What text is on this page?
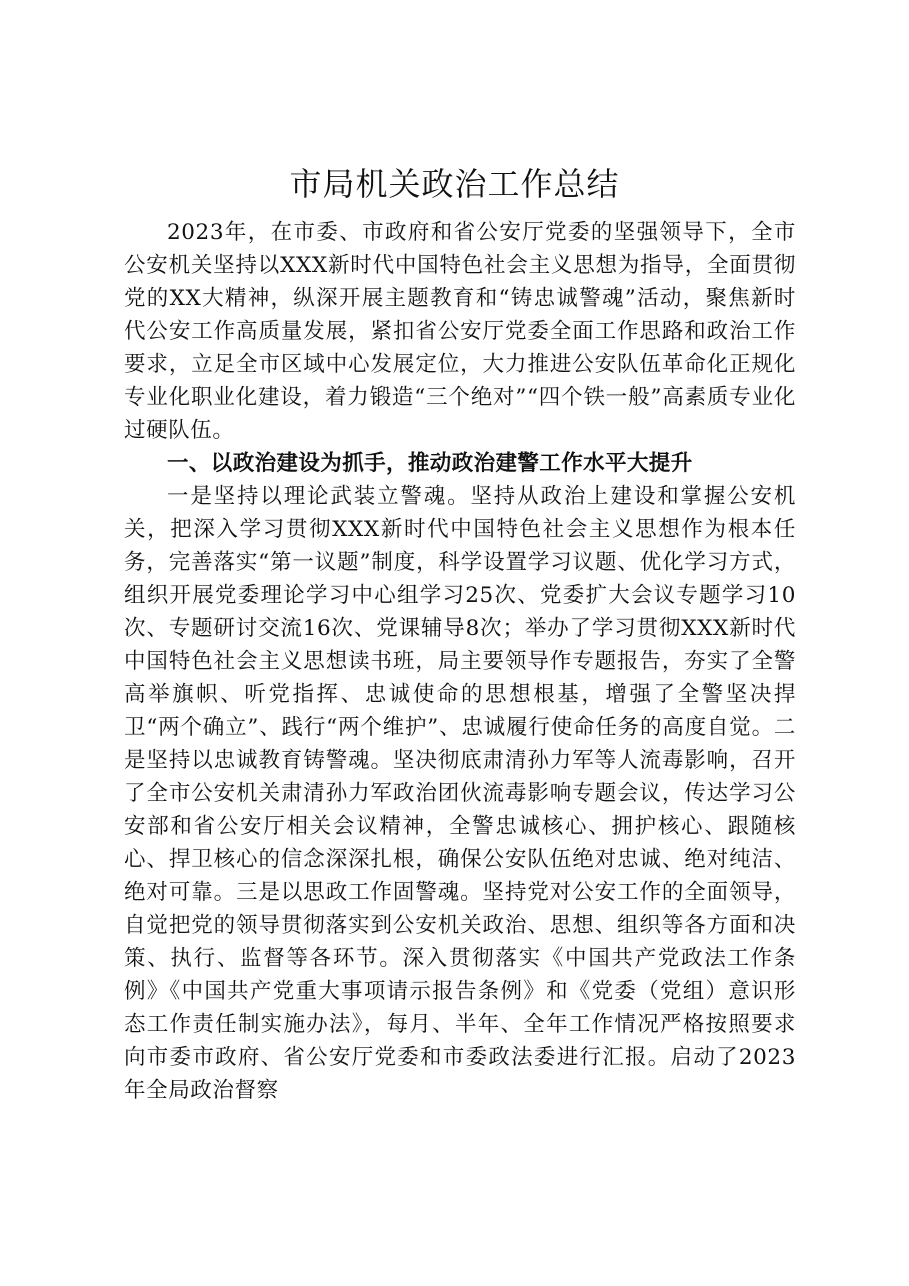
市局机关政治工作总结

2023年，在市委、市政府和省公安厅党委的坚强领导下，全市公安机关坚持以XXX新时代中国特色社会主义思想为指导，全面贯彻党的XX大精神，纵深开展主题教育和“铸忠诚警魂”活动，聚焦新时代公安工作高质量发展，紧扣省公安厅党委全面工作思路和政治工作要求，立足全市区域中心发展定位，大力推进公安队伍革命化正规化专业化职业化建设，着力锻造“三个绝对”“四个铁一般”高素质专业化过硬队伍。

一、以政治建设为抓手，推动政治建警工作水平大提升

一是坚持以理论武装立警魂。坚持从政治上建设和掌握公安机关，把深入学习贯彻XXX新时代中国特色社会主义思想作为根本任务，完善落实“第一议题”制度，科学设置学习议题、优化学习方式，组织开展党委理论学习中心组学习25次、党委扩大会议专题学习10次、专题研讨交流16次、党课辅导8次；举办了学习贯彻XXX新时代中国特色社会主义思想读书班，局主要领导作专题报告，夯实了全警高举旗帜、听党指挥、忠诚使命的思想根基，增强了全警坚决捍卫“两个确立”、践行“两个维护”、忠诚履行使命任务的高度自觉。二是坚持以忠诚教育铸警魂。坚决彻底肃清孙力军等人流毒影响，召开了全市公安机关肃清孙力军政治团伙流毒影响专题会议，传达学习公安部和省公安厅相关会议精神，全警忠诚核心、拥护核心、跟随核心、捍卫核心的信念深深扎根，确保公安队伍绝对忠诚、绝对纯洁、绝对可靠。三是以思政工作固警魂。坚持党对公安工作的全面领导，自觉把党的领导贯彻落实到公安机关政治、思想、组织等各方面和决策、执行、监督等各环节。深入贯彻落实《中国共产党政法工作条例》《中国共产党重大事项请示报告条例》和《党委（党组）意识形态工作责任制实施办法》，每月、半年、全年工作情况严格按照要求向市委市政府、省公安厅党委和市委政法委进行汇报。启动了2023年全局政治督察
